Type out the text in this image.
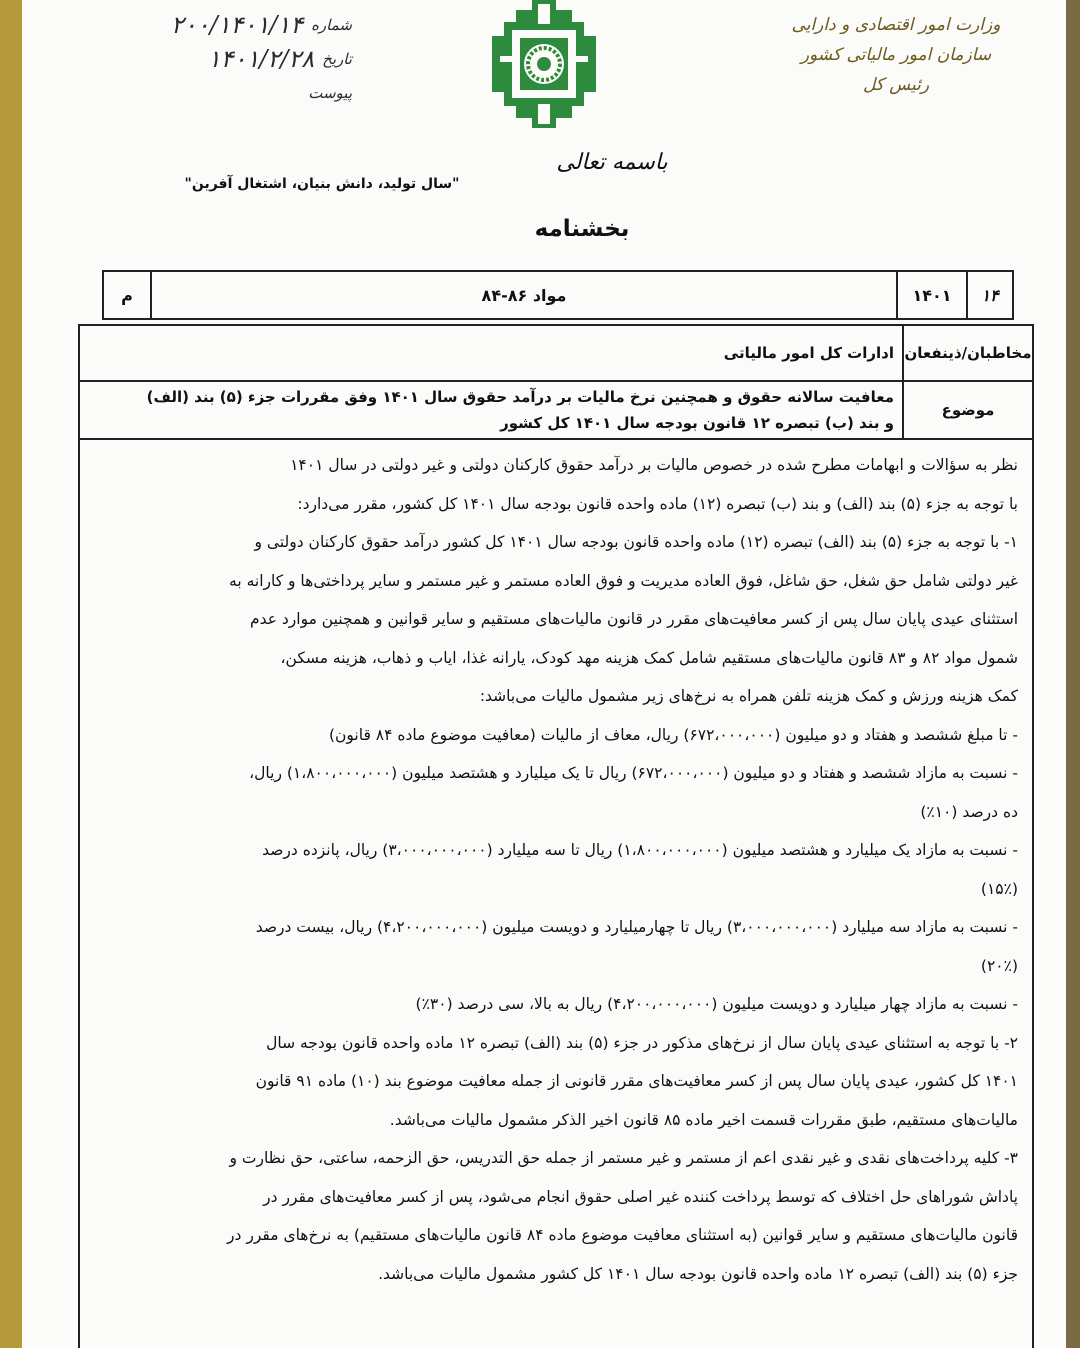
وزارت امور اقتصادی و دارایی
سازمان امور مالیاتی کشور
رئیس کل
شماره
۲۰۰/۱۴۰۱/۱۴
تاریخ
۱۴۰۱/۲/۲۸
پیوست
باسمه تعالی
"سال تولید، دانش بنیان، اشتغال آفرین"
بخشنامه
۱۴
۱۴۰۱
مواد ۸۶-۸۴
م
مخاطبان/ذینفعان
ادارات کل امور مالیاتی
موضوع
معافیت سالانه حقوق و همچنین نرخ مالیات بر درآمد حقوق سال ۱۴۰۱ وفق مقررات جزء (۵) بند (الف)
و بند (ب) تبصره ۱۲ قانون بودجه سال ۱۴۰۱ کل کشور
نظر به سؤالات و ابهامات مطرح شده در خصوص مالیات بر درآمد حقوق کارکنان دولتی و غیر دولتی در سال ۱۴۰۱
با توجه به جزء (۵) بند (الف) و بند (ب) تبصره (۱۲) ماده واحده قانون بودجه سال ۱۴۰۱ کل کشور، مقرر می‌دارد:
۱- با توجه به جزء (۵) بند (الف) تبصره (۱۲) ماده واحده قانون بودجه سال ۱۴۰۱ کل کشور درآمد حقوق کارکنان دولتی و
غیر دولتی شامل حق شغل، حق شاغل، فوق العاده مدیریت و فوق العاده مستمر و غیر مستمر و سایر پرداختی‌ها و کارانه به
استثنای عیدی پایان سال پس از کسر معافیت‌های مقرر در قانون مالیات‌های مستقیم و سایر قوانین و همچنین موارد عدم
شمول مواد ۸۲ و ۸۳ قانون مالیات‌های مستقیم شامل کمک هزینه مهد کودک، یارانه غذا، ایاب و ذهاب، هزینه مسکن،
کمک هزینه ورزش و کمک هزینه تلفن همراه به نرخ‌های زیر مشمول مالیات می‌باشد:
- تا مبلغ ششصد و هفتاد و دو میلیون (۶۷۲،۰۰۰،۰۰۰) ریال، معاف از مالیات (معافیت موضوع ماده ۸۴ قانون)
- نسبت به مازاد ششصد و هفتاد و دو میلیون (۶۷۲،۰۰۰،۰۰۰) ریال تا یک میلیارد و هشتصد میلیون (۱،۸۰۰،۰۰۰،۰۰۰) ریال،
ده درصد (۱۰٪)
- نسبت به مازاد یک میلیارد و هشتصد میلیون (۱،۸۰۰،۰۰۰،۰۰۰) ریال تا سه میلیارد (۳،۰۰۰،۰۰۰،۰۰۰) ریال، پانزده درصد
(۱۵٪)
- نسبت به مازاد سه میلیارد (۳،۰۰۰،۰۰۰،۰۰۰) ریال تا چهارمیلیارد و دویست میلیون (۴،۲۰۰،۰۰۰،۰۰۰) ریال، بیست درصد
(۲۰٪)
- نسبت به مازاد چهار میلیارد و دویست میلیون (۴،۲۰۰،۰۰۰،۰۰۰) ریال به بالا، سی درصد (۳۰٪)
۲- با توجه به استثنای عیدی پایان سال از نرخ‌های مذکور در جزء (۵) بند (الف) تبصره ۱۲ ماده واحده قانون بودجه سال
۱۴۰۱ کل کشور، عیدی پایان سال پس از کسر معافیت‌های مقرر قانونی از جمله معافیت موضوع بند (۱۰) ماده ۹۱ قانون
مالیات‌های مستقیم، طبق مقررات قسمت اخیر ماده ۸۵ قانون اخیر الذکر مشمول مالیات می‌باشد.
۳- کلیه پرداخت‌های نقدی و غیر نقدی اعم از مستمر و غیر مستمر از جمله حق التدریس، حق الزحمه، ساعتی، حق نظارت و
پاداش شوراهای حل اختلاف که توسط پرداخت کننده غیر اصلی حقوق انجام می‌شود، پس از کسر معافیت‌های مقرر در
قانون مالیات‌های مستقیم و سایر قوانین (به استثنای معافیت موضوع ماده ۸۴ قانون مالیات‌های مستقیم) به نرخ‌های مقرر در
جزء (۵) بند (الف) تبصره ۱۲ ماده واحده قانون بودجه سال ۱۴۰۱ کل کشور مشمول مالیات می‌باشد.
